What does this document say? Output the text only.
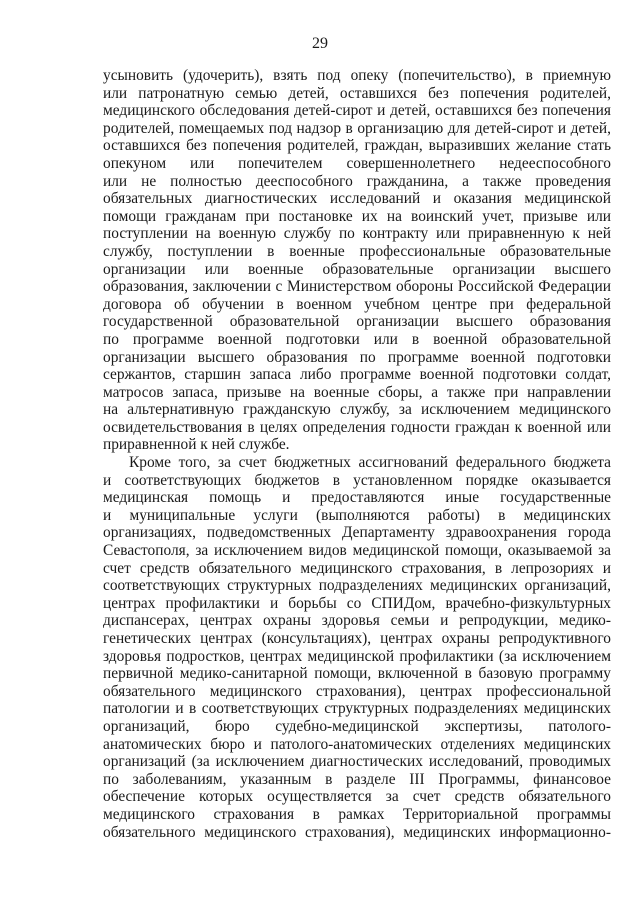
29
усыновить (удочерить), взять под опеку (попечительство), в приемную
или патронатную семью детей, оставшихся без попечения родителей,
медицинского обследования детей-сирот и детей, оставшихся без попечения
родителей, помещаемых под надзор в организацию для детей-сирот и детей,
оставшихся без попечения родителей, граждан, выразивших желание стать
опекуном или попечителем совершеннолетнего недееспособного
или не полностью дееспособного гражданина, а также проведения
обязательных диагностических исследований и оказания медицинской
помощи гражданам при постановке их на воинский учет, призыве или
поступлении на военную службу по контракту или приравненную к ней
службу, поступлении в военные профессиональные образовательные
организации или военные образовательные организации высшего
образования, заключении с Министерством обороны Российской Федерации
договора об обучении в военном учебном центре при федеральной
государственной образовательной организации высшего образования
по программе военной подготовки или в военной образовательной
организации высшего образования по программе военной подготовки
сержантов, старшин запаса либо программе военной подготовки солдат,
матросов запаса, призыве на военные сборы, а также при направлении
на альтернативную гражданскую службу, за исключением медицинского
освидетельствования в целях определения годности граждан к военной или
приравненной к ней службе.
Кроме того, за счет бюджетных ассигнований федерального бюджета
и соответствующих бюджетов в установленном порядке оказывается
медицинская помощь и предоставляются иные государственные
и муниципальные услуги (выполняются работы) в медицинских
организациях, подведомственных Департаменту здравоохранения города
Севастополя, за исключением видов медицинской помощи, оказываемой за
счет средств обязательного медицинского страхования, в лепрозориях и
соответствующих структурных подразделениях медицинских организаций,
центрах профилактики и борьбы со СПИДом, врачебно-физкультурных
диспансерах, центрах охраны здоровья семьи и репродукции, медико-
генетических центрах (консультациях), центрах охраны репродуктивного
здоровья подростков, центрах медицинской профилактики (за исключением
первичной медико-санитарной помощи, включенной в базовую программу
обязательного медицинского страхования), центрах профессиональной
патологии и в соответствующих структурных подразделениях медицинских
организаций, бюро судебно-медицинской экспертизы, патолого-
анатомических бюро и патолого-анатомических отделениях медицинских
организаций (за исключением диагностических исследований, проводимых
по заболеваниям, указанным в разделе III Программы, финансовое
обеспечение которых осуществляется за счет средств обязательного
медицинского страхования в рамках Территориальной программы
обязательного медицинского страхования), медицинских информационно-
